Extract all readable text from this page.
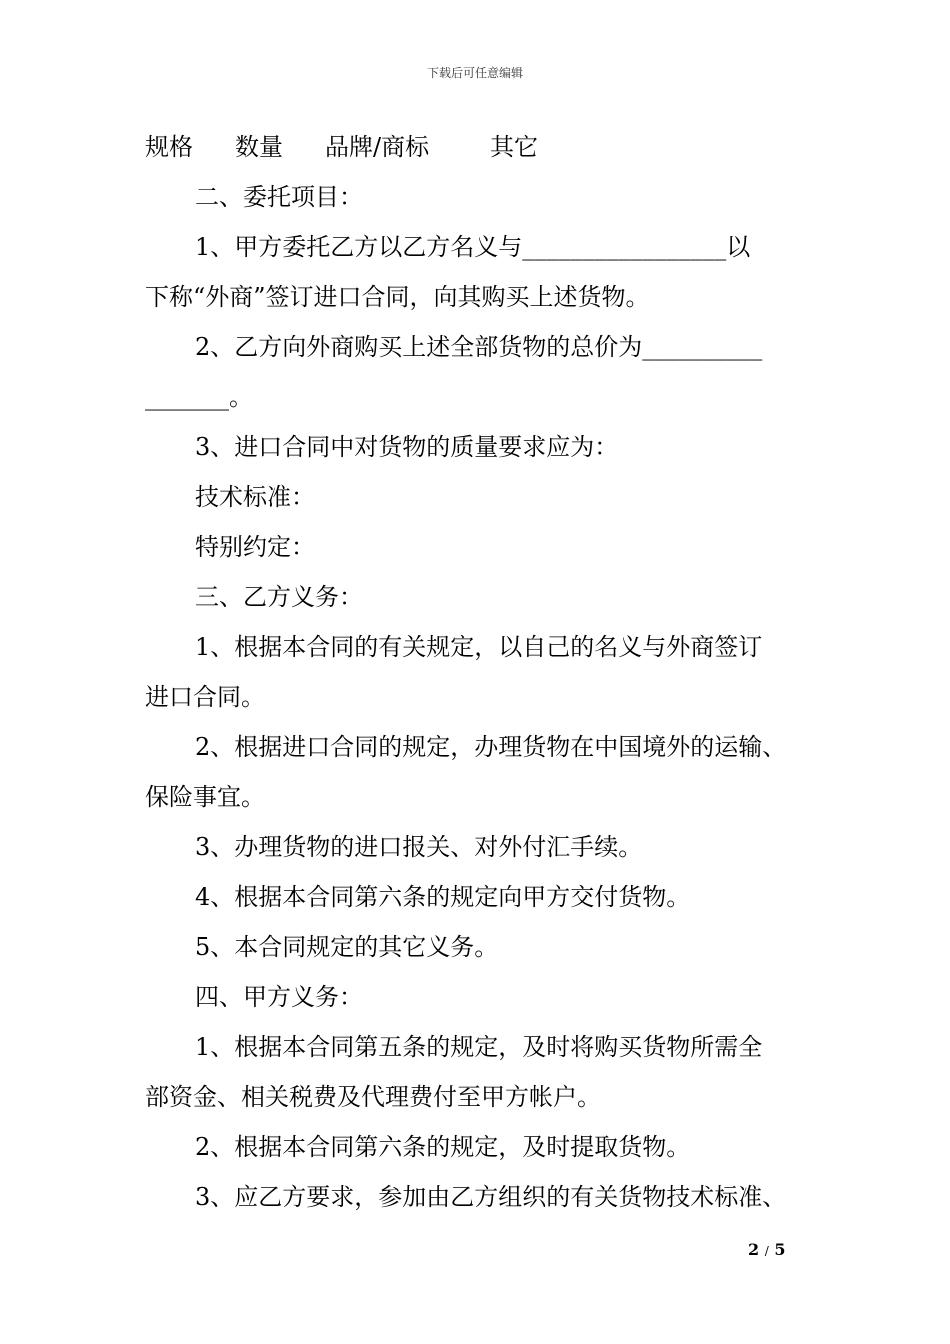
下载后可任意编辑
规格 数量 品牌/商标	其它
二、委托项目：
1、甲方委托乙方以乙方名义与_________________以
下称“外商”签订进口合同，向其购买上述货物。
2、乙方向外商购买上述全部货物的总价为__________
_______。
3、进口合同中对货物的质量要求应为：
技术标准：
特别约定：
三、乙方义务：
1、根据本合同的有关规定，以自己的名义与外商签订
进口合同。
2、根据进口合同的规定，办理货物在中国境外的运输、
保险事宜。
3、办理货物的进口报关、对外付汇手续。
4、根据本合同第六条的规定向甲方交付货物。
5、本合同规定的其它义务。
四、甲方义务：
1、根据本合同第五条的规定，及时将购买货物所需全
部资金、相关税费及代理费付至甲方帐户。
2、根据本合同第六条的规定，及时提取货物。
3、应乙方要求，参加由乙方组织的有关货物技术标准、
2 / 5
